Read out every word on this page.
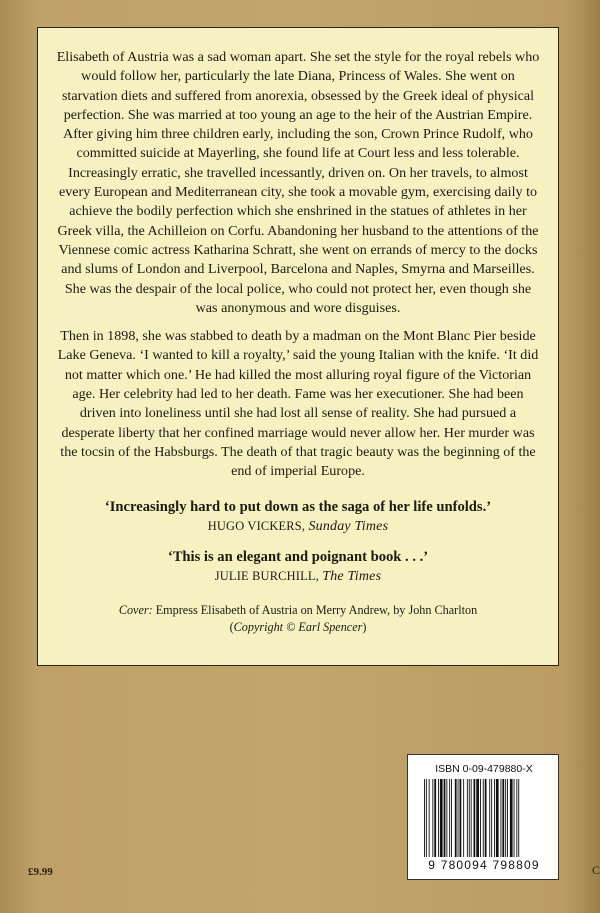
Elisabeth of Austria was a sad woman apart. She set the style for the royal rebels who would follow her, particularly the late Diana, Princess of Wales. She went on starvation diets and suffered from anorexia, obsessed by the Greek ideal of physical perfection. She was married at too young an age to the heir of the Austrian Empire. After giving him three children early, including the son, Crown Prince Rudolf, who committed suicide at Mayerling, she found life at Court less and less tolerable. Increasingly erratic, she travelled incessantly, driven on. On her travels, to almost every European and Mediterranean city, she took a movable gym, exercising daily to achieve the bodily perfection which she enshrined in the statues of athletes in her Greek villa, the Achilleion on Corfu. Abandoning her husband to the attentions of the Viennese comic actress Katharina Schratt, she went on errands of mercy to the docks and slums of London and Liverpool, Barcelona and Naples, Smyrna and Marseilles. She was the despair of the local police, who could not protect her, even though she was anonymous and wore disguises.

Then in 1898, she was stabbed to death by a madman on the Mont Blanc Pier beside Lake Geneva. ‘I wanted to kill a royalty,’ said the young Italian with the knife. ‘It did not matter which one.’ He had killed the most alluring royal figure of the Victorian age. Her celebrity had led to her death. Fame was her executioner. She had been driven into loneliness until she had lost all sense of reality. She had pursued a desperate liberty that her confined marriage would never allow her. Her murder was the tocsin of the Habsburgs. The death of that tragic beauty was the beginning of the end of imperial Europe.

‘Increasingly hard to put down as the saga of her life unfolds.’

HUGO VICKERS, Sunday Times

‘This is an elegant and poignant book . . .’

JULIE BURCHILL, The Times

Cover: Empress Elisabeth of Austria on Merry Andrew, by John Charlton
(Copyright © Earl Spencer)
ISBN 0-09-479880-X
9 780094 798809
£9.99	C
